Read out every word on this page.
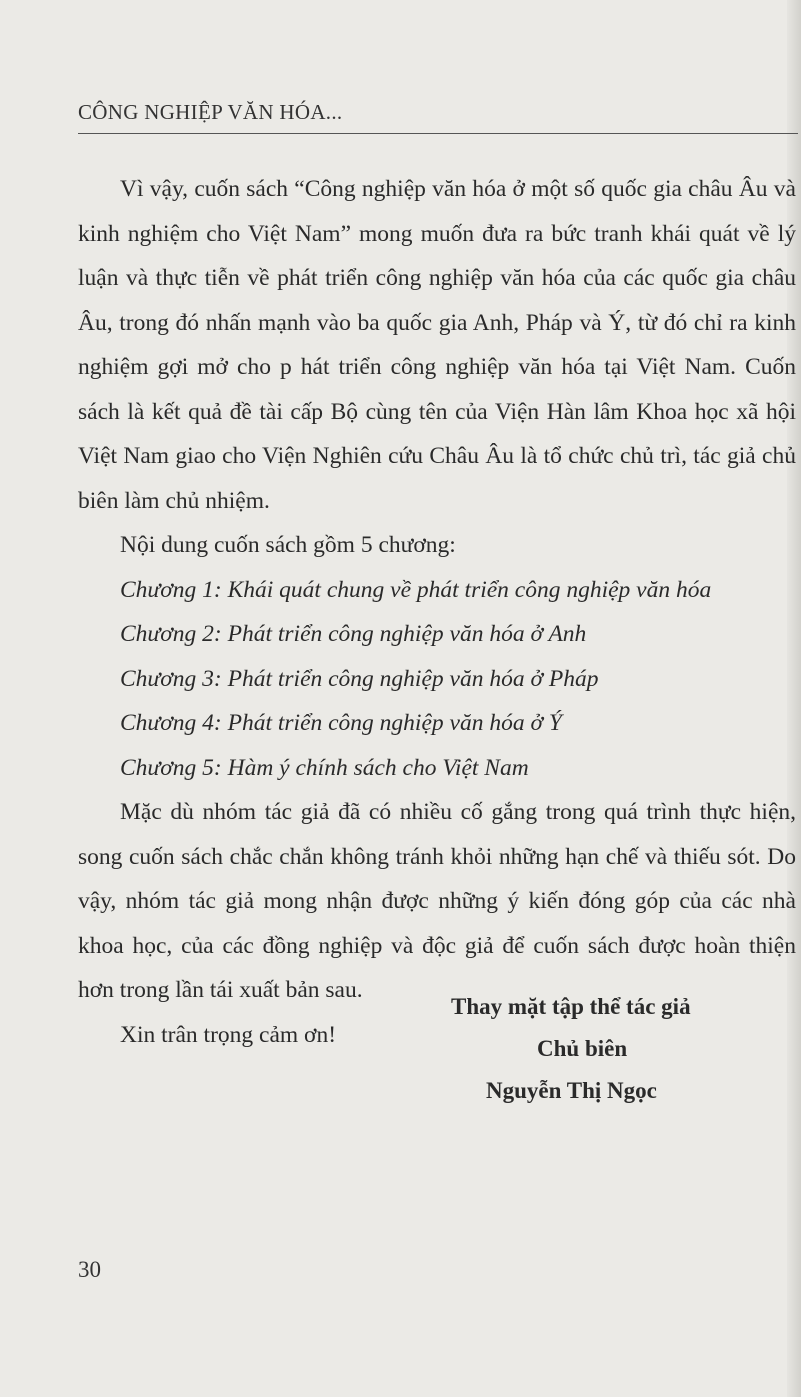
CÔNG NGHIỆP VĂN HÓA...

Vì vậy, cuốn sách “Công nghiệp văn hóa ở một số quốc gia châu Âu và kinh nghiệm cho Việt Nam” mong muốn đưa ra bức tranh khái quát về lý luận và thực tiễn về phát triển công nghiệp văn hóa của các quốc gia châu Âu, trong đó nhấn mạnh vào ba quốc gia Anh, Pháp và Ý, từ đó chỉ ra kinh nghiệm gợi mở cho p hát triển công nghiệp văn hóa tại Việt Nam. Cuốn sách là kết quả đề tài cấp Bộ cùng tên của Viện Hàn lâm Khoa học xã hội Việt Nam giao cho Viện Nghiên cứu Châu Âu là tổ chức chủ trì, tác giả chủ biên làm chủ nhiệm.

Nội dung cuốn sách gồm 5 chương:

Chương 1: Khái quát chung về phát triển công nghiệp văn hóa

Chương 2: Phát triển công nghiệp văn hóa ở Anh

Chương 3: Phát triển công nghiệp văn hóa ở Pháp

Chương 4: Phát triển công nghiệp văn hóa ở Ý

Chương 5: Hàm ý chính sách cho Việt Nam

Mặc dù nhóm tác giả đã có nhiều cố gắng trong quá trình thực hiện, song cuốn sách chắc chắn không tránh khỏi những hạn chế và thiếu sót. Do vậy, nhóm tác giả mong nhận được những ý kiến đóng góp của các nhà khoa học, của các đồng nghiệp và độc giả để cuốn sách được hoàn thiện hơn trong lần tái xuất bản sau.

Xin trân trọng cảm ơn!

Thay mặt tập thể tác giả
Chủ biên
Nguyễn Thị Ngọc
30
